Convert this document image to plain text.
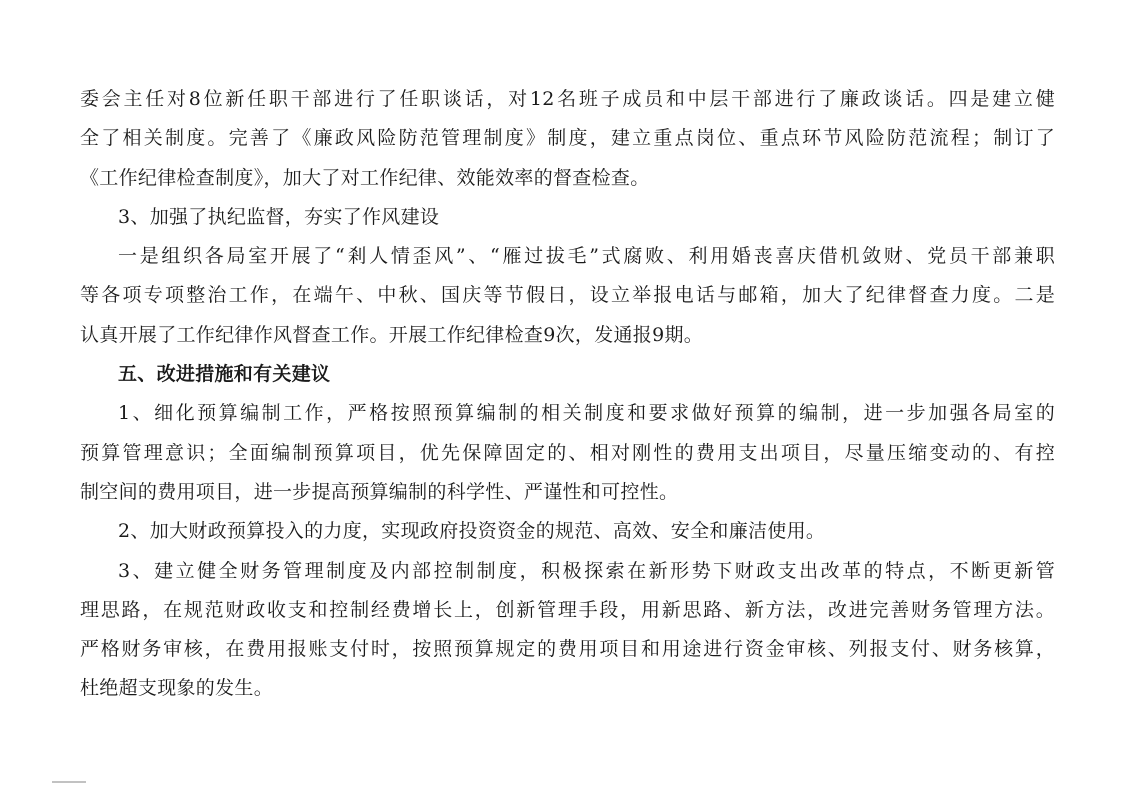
委会主任对8位新任职干部进行了任职谈话，对12名班子成员和中层干部进行了廉政谈话。四是建立健

全了相关制度。完善了《廉政风险防范管理制度》制度，建立重点岗位、重点环节风险防范流程；制订了

《工作纪律检查制度》，加大了对工作纪律、效能效率的督查检查。

3、加强了执纪监督，夯实了作风建设

一是组织各局室开展了“剎人情歪风”、“雁过拔毛”式腐败、利用婚丧喜庆借机敛财、党员干部兼职

等各项专项整治工作，在端午、中秋、国庆等节假日，设立举报电话与邮箱，加大了纪律督查力度。二是

认真开展了工作纪律作风督查工作。开展工作纪律检查9次，发通报9期。

五、改进措施和有关建议

1、细化预算编制工作，严格按照预算编制的相关制度和要求做好预算的编制，进一步加强各局室的

预算管理意识；全面编制预算项目，优先保障固定的、相对刚性的费用支出项目，尽量压缩变动的、有控

制空间的费用项目，进一步提高预算编制的科学性、严谨性和可控性。

2、加大财政预算投入的力度，实现政府投资资金的规范、高效、安全和廉洁使用。

3、建立健全财务管理制度及内部控制制度，积极探索在新形势下财政支出改革的特点，不断更新管

理思路，在规范财政收支和控制经费增长上，创新管理手段，用新思路、新方法，改进完善财务管理方法。

严格财务审核，在费用报账支付时，按照预算规定的费用项目和用途进行资金审核、列报支付、财务核算，

杜绝超支现象的发生。
